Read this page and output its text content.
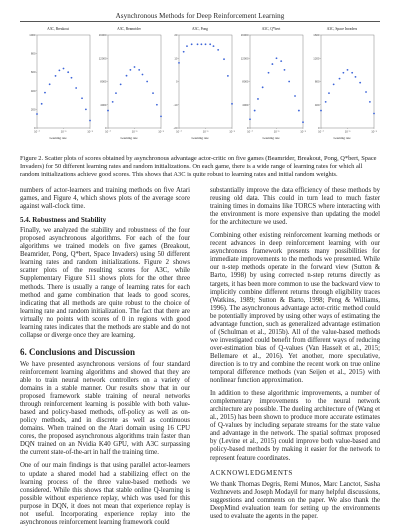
Asynchronous Methods for Deep Reinforcement Learning
A3C, Breakout
1000
800
600
400
200
0
10⁻⁴	10⁻³	10⁻²
Learning rate
A3C, Beamrider
16000
12000
8000
4000
0
10⁻⁴	10⁻³	10⁻²
Learning rate
A3C, Pong
20
10
0
-10
-20
10⁻⁴	10⁻³	10⁻²
Learning rate
A3C, Q*bert
16000
12000
8000
4000
0
10⁻⁴	10⁻³	10⁻²
Learning rate
A3C, Space Invaders
1600
1200
800
400
0
10⁻⁴	10⁻³	10⁻²
Learning rate
Figure 2. Scatter plots of scores obtained by asynchronous advantage actor-critic on five games (Beamrider, Breakout, Pong, Q*bert, Space Invaders) for 50 different learning rates and random initializations. On each game, there is a wide range of learning rates for which all random initializations achieve good scores. This shows that A3C is quite robust to learning rates and initial random weights.

numbers of actor-learners and training methods on five Atari games, and Figure 4, which shows plots of the average score against wall-clock time.

5.4. Robustness and Stability

Finally, we analyzed the stability and robustness of the four proposed asynchronous algorithms. For each of the four algorithms we trained models on five games (Breakout, Beamrider, Pong, Q*bert, Space Invaders) using 50 different learning rates and random initializations. Figure 2 shows scatter plots of the resulting scores for A3C, while Supplementary Figure S11 shows plots for the other three methods. There is usually a range of learning rates for each method and game combination that leads to good scores, indicating that all methods are quite robust to the choice of learning rate and random initialization. The fact that there are virtually no points with scores of 0 in regions with good learning rates indicates that the methods are stable and do not collapse or diverge once they are learning.

6. Conclusions and Discussion

We have presented asynchronous versions of four standard reinforcement learning algorithms and showed that they are able to train neural network controllers on a variety of domains in a stable manner. Our results show that in our proposed framework stable training of neural networks through reinforcement learning is possible with both value-based and policy-based methods, off-policy as well as on-policy methods, and in discrete as well as continuous domains. When trained on the Atari domain using 16 CPU cores, the proposed asynchronous algorithms train faster than DQN trained on an Nvidia K40 GPU, with A3C surpassing the current state-of-the-art in half the training time.

One of our main findings is that using parallel actor-learners to update a shared model had a stabilizing effect on the learning process of the three value-based methods we considered. While this shows that stable online Q-learning is possible without experience replay, which was used for this purpose in DQN, it does not mean that experience replay is not useful. Incorporating experience replay into the asynchronous reinforcement learning framework could

substantially improve the data efficiency of these methods by reusing old data. This could in turn lead to much faster training times in domains like TORCS where interacting with the environment is more expensive than updating the model for the architecture we used.

Combining other existing reinforcement learning methods or recent advances in deep reinforcement learning with our asynchronous framework presents many possibilities for immediate improvements to the methods we presented. While our n-step methods operate in the forward view (Sutton & Barto, 1998) by using corrected n-step returns directly as targets, it has been more common to use the backward view to implicitly combine different returns through eligibility traces (Watkins, 1989; Sutton & Barto, 1998; Peng & Williams, 1996). The asynchronous advantage actor-critic method could be potentially improved by using other ways of estimating the advantage function, such as generalized advantage estimation of (Schulman et al., 2015b). All of the value-based methods we investigated could benefit from different ways of reducing over-estimation bias of Q-values (Van Hasselt et al., 2015; Bellemare et al., 2016). Yet another, more speculative, direction is to try and combine the recent work on true online temporal difference methods (van Seijen et al., 2015) with nonlinear function approximation.

In addition to these algorithmic improvements, a number of complementary improvements to the neural network architecture are possible. The dueling architecture of (Wang et al., 2015) has been shown to produce more accurate estimates of Q-values by including separate streams for the state value and advantage in the network. The spatial softmax proposed by (Levine et al., 2015) could improve both value-based and policy-based methods by making it easier for the network to represent feature coordinates.

ACKNOWLEDGMENTS

We thank Thomas Degris, Remi Munos, Marc Lanctot, Sasha Vezhnevets and Joseph Modayil for many helpful discussions, suggestions and comments on the paper. We also thank the DeepMind evaluation team for setting up the environments used to evaluate the agents in the paper.
